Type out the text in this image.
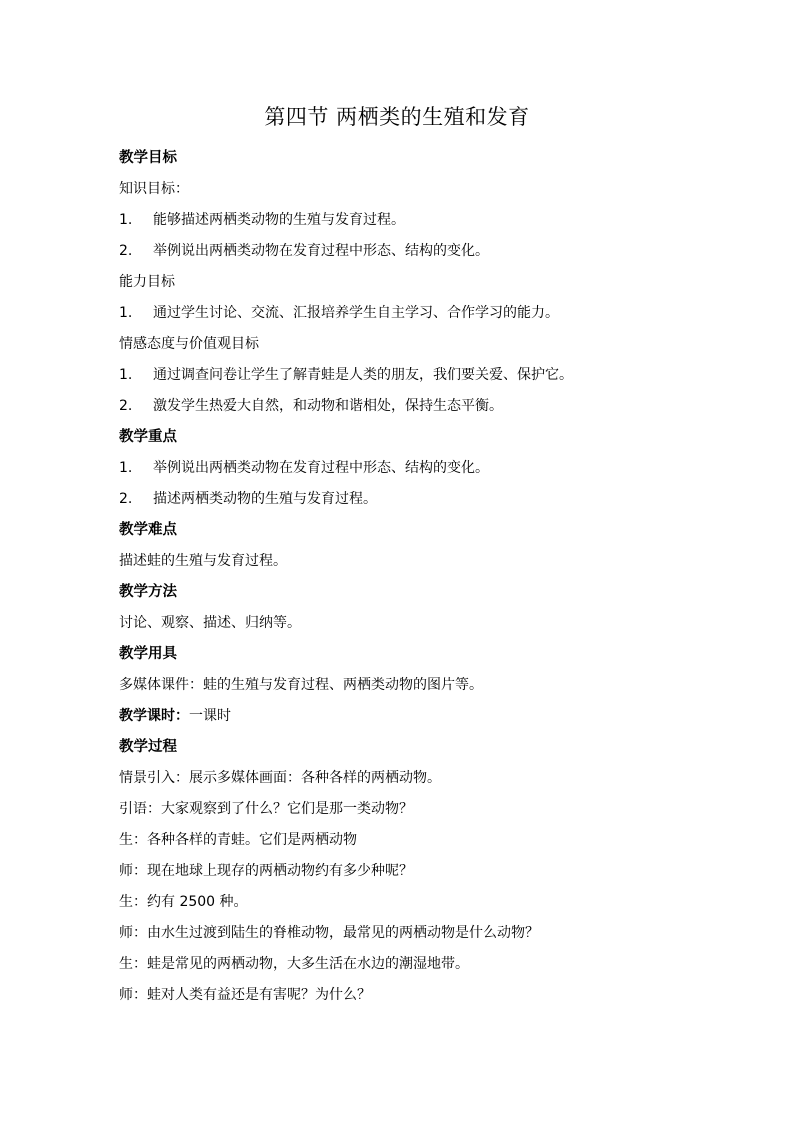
第四节 两栖类的生殖和发育
教学目标
知识目标：
1. 能够描述两栖类动物的生殖与发育过程。
2. 举例说出两栖类动物在发育过程中形态、结构的变化。
能力目标
1. 通过学生讨论、交流、汇报培养学生自主学习、合作学习的能力。
情感态度与价值观目标
1. 通过调查问卷让学生了解青蛙是人类的朋友，我们要关爱、保护它。
2. 激发学生热爱大自然，和动物和谐相处，保持生态平衡。
教学重点
1. 举例说出两栖类动物在发育过程中形态、结构的变化。
2. 描述两栖类动物的生殖与发育过程。
教学难点
描述蛙的生殖与发育过程。
教学方法
讨论、观察、描述、归纳等。
教学用具
多媒体课件：蛙的生殖与发育过程、两栖类动物的图片等。
教学课时：一课时
教学过程
情景引入：展示多媒体画面：各种各样的两栖动物。
引语：大家观察到了什么？它们是那一类动物？
生：各种各样的青蛙。它们是两栖动物
师：现在地球上现存的两栖动物约有多少种呢？
生：约有 2500 种。
师：由水生过渡到陆生的脊椎动物，最常见的两栖动物是什么动物？
生：蛙是常见的两栖动物，大多生活在水边的潮湿地带。
师：蛙对人类有益还是有害呢？为什么？
